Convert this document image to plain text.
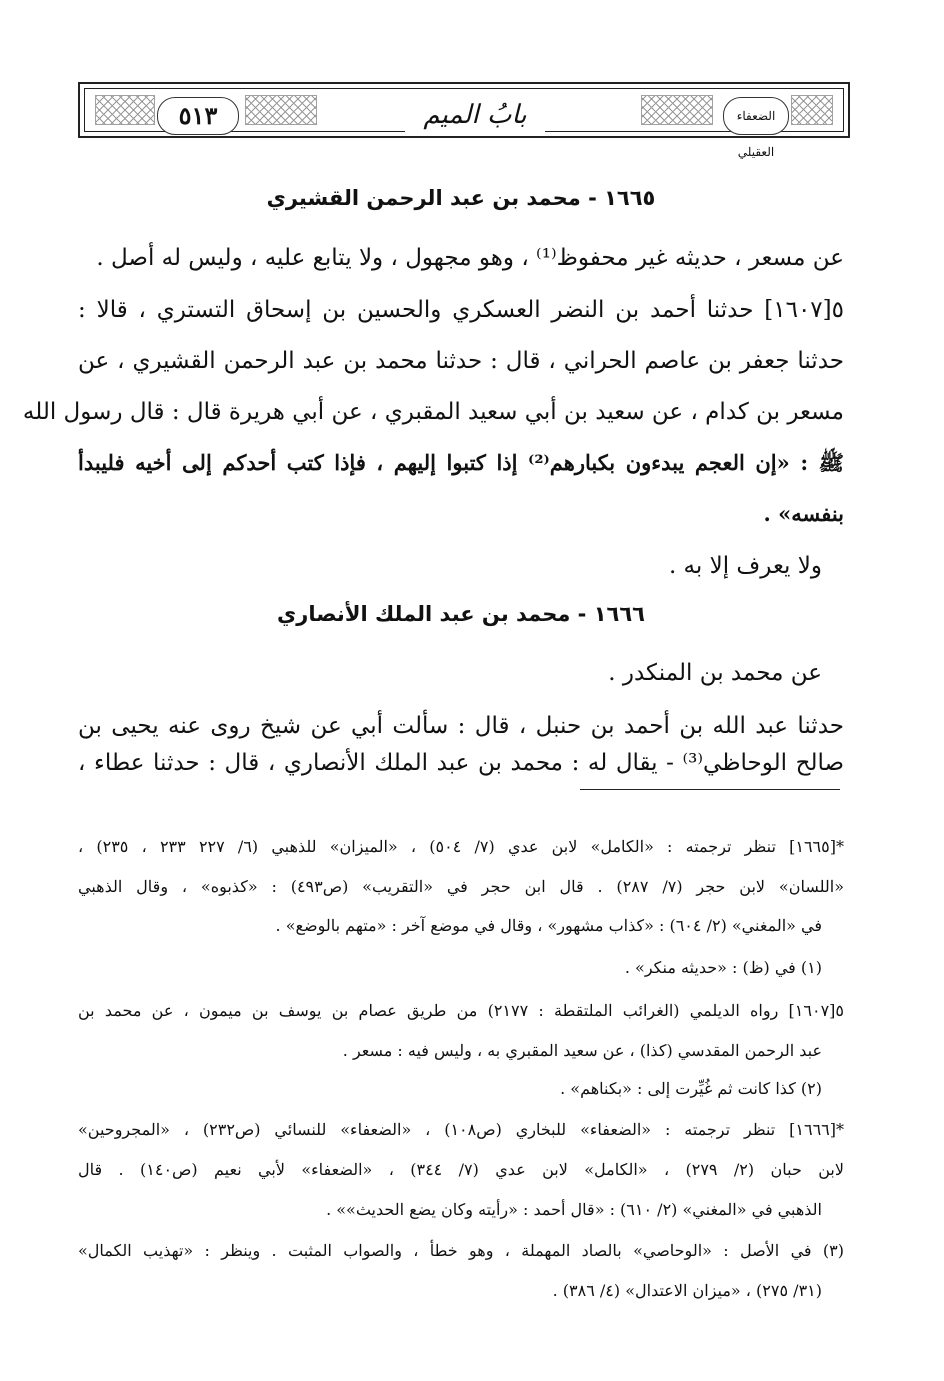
٥١٣	بابُ الميم	الضعفاء العقيلي
١٦٦٥ - محمد بن عبد الرحمن القشيري
عن مسعر ، حديثه غير محفوظ⁽¹⁾ ، وهو مجهول ، ولا يتابع عليه ، وليس له أصل .
٥[١٦٠٧] حدثنا أحمد بن النضر العسكري والحسين بن إسحاق التستري ، قالا :
حدثنا جعفر بن عاصم الحراني ، قال : حدثنا محمد بن عبد الرحمن القشيري ، عن
مسعر بن كدام ، عن سعيد بن أبي سعيد المقبري ، عن أبي هريرة قال : قال رسول الله
ﷺ : «إن العجم يبدءون بكبارهم⁽²⁾ إذا كتبوا إليهم ، فإذا كتب أحدكم إلى أخيه فليبدأ
بنفسه» .
ولا يعرف إلا به .
١٦٦٦ - محمد بن عبد الملك الأنصاري
عن محمد بن المنكدر .
حدثنا عبد الله بن أحمد بن حنبل ، قال : سألت أبي عن شيخ روى عنه يحيى بن
صالح الوحاظي⁽³⁾ - يقال له : محمد بن عبد الملك الأنصاري ، قال : حدثنا عطاء ،
*[١٦٦٥] تنظر ترجمته : «الكامل» لابن عدي (٧/ ٥٠٤) ، «الميزان» للذهبي (٦/ ٢٢٧ ٢٣٣ ، ٢٣٥) ،
«اللسان» لابن حجر (٧/ ٢٨٧) . قال ابن حجر في «التقريب» (ص٤٩٣) : «كذبوه» ، وقال الذهبي
في «المغني» (٢/ ٦٠٤) : «كذاب مشهور» ، وقال في موضع آخر : «متهم بالوضع» .
(١) في (ظ) : «حديثه منكر» .
٥[١٦٠٧] رواه الديلمي (الغرائب الملتقطة : ٢١٧٧) من طريق عصام بن يوسف بن ميمون ، عن محمد بن
عبد الرحمن المقدسي (كذا) ، عن سعيد المقبري به ، وليس فيه : مسعر .
(٢) كذا كانت ثم غُيِّرت إلى : «بكناهم» .
*[١٦٦٦] تنظر ترجمته : «الضعفاء» للبخاري (ص١٠٨) ، «الضعفاء» للنسائي (ص٢٣٢) ، «المجروحين»
لابن حبان (٢/ ٢٧٩) ، «الكامل» لابن عدي (٧/ ٣٤٤) ، «الضعفاء» لأبي نعيم (ص١٤٠) . قال
الذهبي في «المغني» (٢/ ٦١٠) : «قال أحمد : «رأيته وكان يضع الحديث»» .
(٣) في الأصل : «الوحاصي» بالصاد المهملة ، وهو خطأ ، والصواب المثبت . وينظر : «تهذيب الكمال»
(٣١/ ٢٧٥) ، «ميزان الاعتدال» (٤/ ٣٨٦) .
